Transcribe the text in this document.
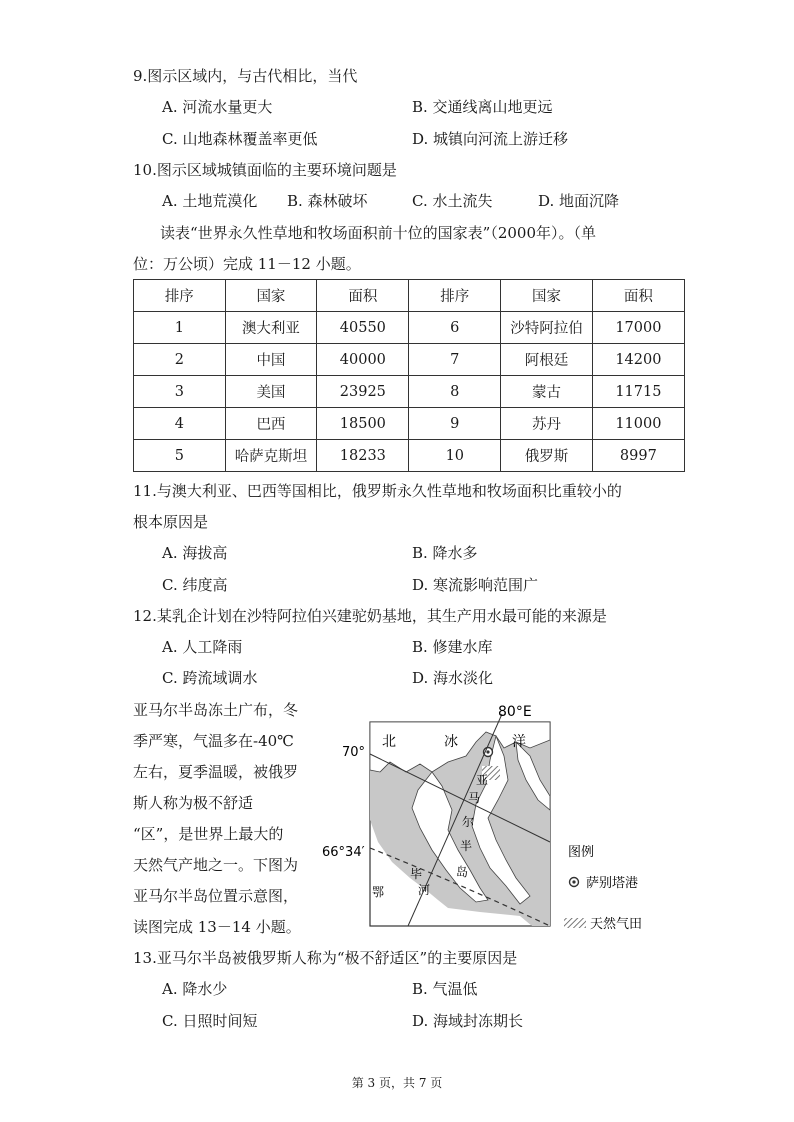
9.图示区域内，与古代相比，当代
A. 河流水量更大	B. 交通线离山地更远
C. 山地森林覆盖率更低	D. 城镇向河流上游迁移
10.图示区域城镇面临的主要环境问题是
A. 土地荒漠化 B. 森林破坏	C. 水土流失	D. 地面沉降
读表“世界永久性草地和牧场面积前十位的国家表”（2000年）。（单
位：万公顷）完成 11－12 小题。
排序	国家	面积	排序	国家	面积
1	澳大利亚	40550	6	沙特阿拉伯	17000
2	中国	40000	7	阿根廷	14200
3	美国	23925	8	蒙古	11715
4	巴西	18500	9	苏丹	11000
5	哈萨克斯坦	18233	10	俄罗斯	8997
11.与澳大利亚、巴西等国相比，俄罗斯永久性草地和牧场面积比重较小的
根本原因是
A. 海拔高	B. 降水多
C. 纬度高	D. 寒流影响范围广
12.某乳企计划在沙特阿拉伯兴建驼奶基地，其生产用水最可能的来源是
A. 人工降雨	B. 修建水库
C. 跨流域调水	D. 海水淡化
亚马尔半岛冻土广布，冬
季严寒，气温多在-40℃
左右，夏季温暖，被俄罗
斯人称为极不舒适
“区”，是世界上最大的
天然气产地之一。下图为
亚马尔半岛位置示意图，
读图完成 13－14 小题。
80°E
70°
66°34′
北	冰	洋
亚
马
尔
半
岛
鄂
毕
河
图例
萨别塔港
天然气田
13.亚马尔半岛被俄罗斯人称为“极不舒适区”的主要原因是
A. 降水少	B. 气温低
C. 日照时间短	D. 海域封冻期长
第 3 页，共 7 页
